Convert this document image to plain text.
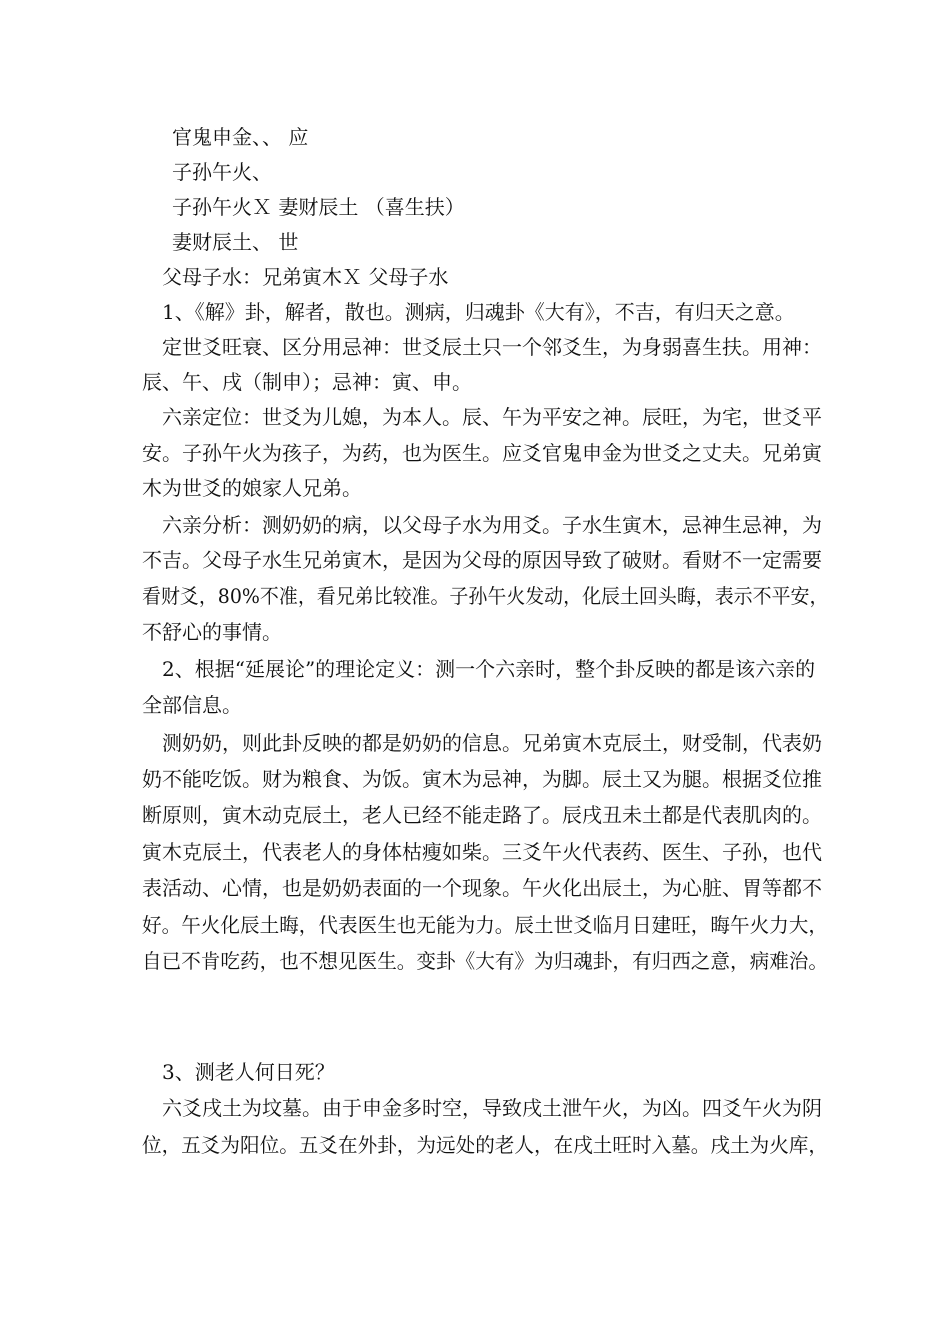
官鬼申金、、 应
子孙午火、
子孙午火Ｘ 妻财辰土 （喜生扶）
妻财辰土、 世
父母子水：兄弟寅木Ｘ 父母子水
1、《解》卦，解者，散也。测病，归魂卦《大有》，不吉，有归天之意。
定世爻旺衰、区分用忌神：世爻辰土只一个邻爻生，为身弱喜生扶。用神：
辰、午、戌（制申）；忌神：寅、申。
六亲定位：世爻为儿媳，为本人。辰、午为平安之神。辰旺，为宅，世爻平
安。子孙午火为孩子，为药，也为医生。应爻官鬼申金为世爻之丈夫。兄弟寅
木为世爻的娘家人兄弟。
六亲分析：测奶奶的病，以父母子水为用爻。子水生寅木，忌神生忌神，为
不吉。父母子水生兄弟寅木，是因为父母的原因导致了破财。看财不一定需要
看财爻，80%不准，看兄弟比较准。子孙午火发动，化辰土回头晦，表示不平安，
不舒心的事情。
2、根据“延展论”的理论定义：测一个六亲时，整个卦反映的都是该六亲的
全部信息。
测奶奶，则此卦反映的都是奶奶的信息。兄弟寅木克辰土，财受制，代表奶
奶不能吃饭。财为粮食、为饭。寅木为忌神，为脚。辰土又为腿。根据爻位推
断原则，寅木动克辰土，老人已经不能走路了。辰戌丑未土都是代表肌肉的。
寅木克辰土，代表老人的身体枯瘦如柴。三爻午火代表药、医生、子孙，也代
表活动、心情，也是奶奶表面的一个现象。午火化出辰土，为心脏、胃等都不
好。午火化辰土晦，代表医生也无能为力。辰土世爻临月日建旺，晦午火力大，
自已不肯吃药，也不想见医生。变卦《大有》为归魂卦，有归西之意，病难治。
3、测老人何日死？
六爻戌土为坟墓。由于申金多时空，导致戌土泄午火，为凶。四爻午火为阴
位，五爻为阳位。五爻在外卦，为远处的老人，在戌土旺时入墓。戌土为火库，
